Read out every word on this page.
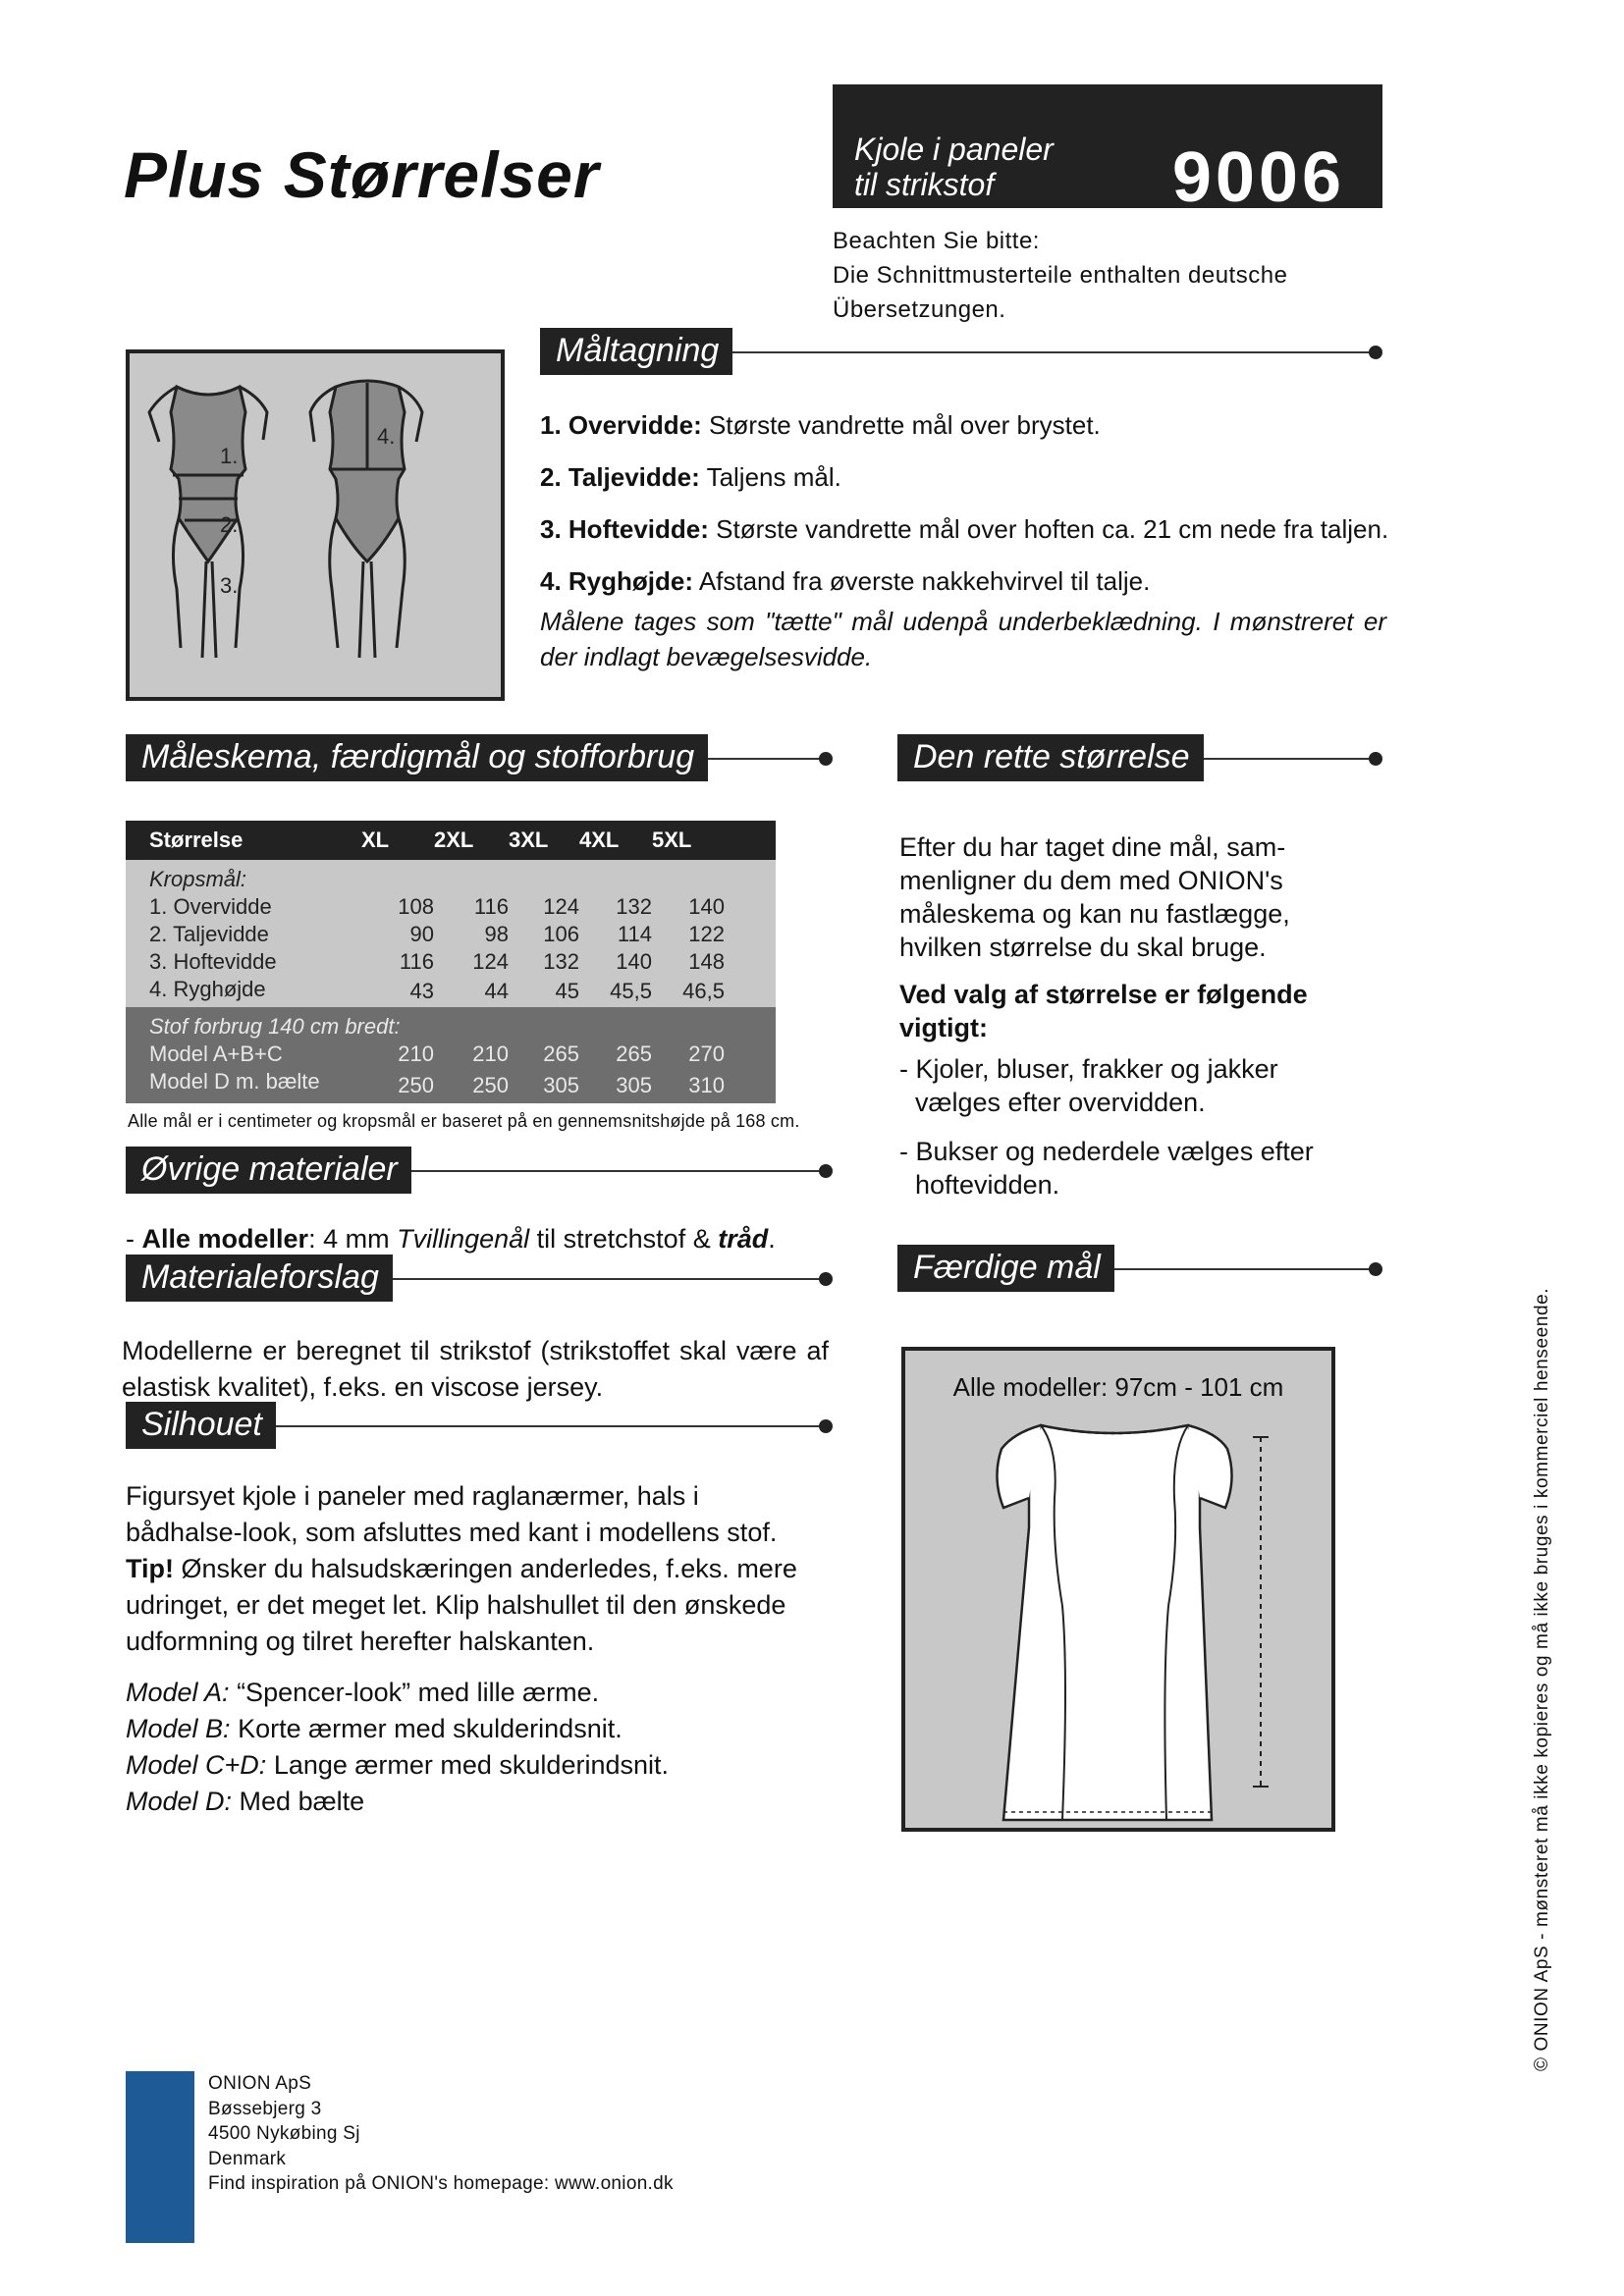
Plus Størrelser	Kjole i paneler
til strikstof	9006
Beachten Sie bitte:
Die Schnittmusterteile enthalten deutsche
Übersetzungen.
1.
2.
3.
4.
Måltagning
1. Overvidde: Største vandrette mål over brystet.
2. Taljevidde: Taljens mål.
3. Hoftevidde: Største vandrette mål over hoften ca. 21 cm nede fra taljen.
4. Ryghøjde: Afstand fra øverste nakkehvirvel til talje.
Målene tages som "tætte" mål udenpå underbeklædning. I mønstreret er der indlagt bevægelsesvidde.
Måleskema, færdigmål og stofforbrug
Størrelse	XL	2XL	3XL	4XL	5XL	
Kropsmål:						
1. Overvidde	108	116	124	132	140	
2. Taljevidde	90	98	106	114	122	
3. Hoftevidde	116	124	132	140	148	
4. Ryghøjde	43	44	45	45,5	46,5	
Stof forbrug 140 cm bredt:						
Model A+B+C	210	210	265	265	270	
Model D m. bælte	250	250	305	305	310	
Alle mål er i centimeter og kropsmål er baseret på en gennemsnitshøjde på 168 cm.
Øvrige materialer
- Alle modeller: 4 mm Tvillingenål til stretchstof & tråd.
Materialeforslag
Modellerne er beregnet til strikstof (strikstoffet skal være af elastisk kvalitet), f.eks. en viscose jersey.
Silhouet
Figursyet kjole i paneler med raglanærmer, hals i
bådhalse-look, som afsluttes med kant i modellens stof.
Tip! Ønsker du halsudskæringen anderledes, f.eks. mere
udringet, er det meget let. Klip halshullet til den ønskede
udformning og tilret herefter halskanten.
Model A: “Spencer-look” med lille ærme.
Model B: Korte ærmer med skulderindsnit.
Model C+D: Lange ærmer med skulderindsnit.
Model D: Med bælte
Den rette størrelse
Efter du har taget dine mål, sam-
menligner du dem med ONION's
måleskema og kan nu fastlægge,
hvilken størrelse du skal bruge.
Ved valg af størrelse er følgende
vigtigt:
- Kjoler, bluser, frakker og jakker
vælges efter overvidden.
- Bukser og nederdele vælges efter
hoftevidden.
Færdige mål
Alle modeller: 97cm - 101 cm
ONION ApS
Bøssebjerg 3
4500 Nykøbing Sj
Denmark
Find inspiration på ONION's homepage: www.onion.dk
© ONION ApS - mønsteret må ikke kopieres og må ikke bruges i kommerciel henseende.
